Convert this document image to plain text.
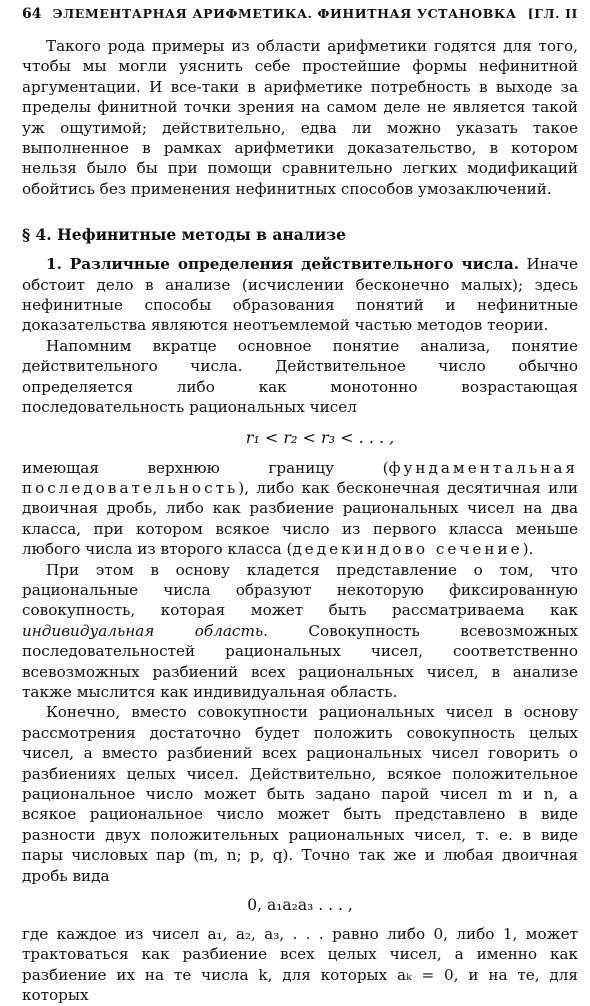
64 ЭЛЕМЕНТАРНАЯ АРИФМЕТИКА. ФИНИТНАЯ УСТАНОВКА [ГЛ. II

Такого рода примеры из области арифметики годятся для того, чтобы мы могли уяснить себе простейшие формы нефинитной аргументации. И все-таки в арифметике потребность в выходе за пределы финитной точки зрения на самом деле не является такой уж ощутимой; действительно, едва ли можно указать такое выполненное в рамках арифметики доказательство, в котором нельзя было бы при помощи сравнительно легких модификаций обойтись без применения нефинитных способов умозаключений.

§ 4. Нефинитные методы в анализе

1. Различные определения действительного числа. Иначе обстоит дело в анализе (исчислении бесконечно малых); здесь нефинитные способы образования понятий и нефинитные доказательства являются неотъемлемой частью методов теории.

Напомним вкратце основное понятие анализа, понятие действительного числа. Действительное число обычно определяется либо как монотонно возрастающая последовательность рациональных чисел

r₁ < r₂ < r₃ < . . . ,

имеющая верхнюю границу (фундаментальная последовательность), либо как бесконечная десятичная или двоичная дробь, либо как разбиение рациональных чисел на два класса, при котором всякое число из первого класса меньше любого числа из второго класса (дедекиндово сечение).

При этом в основу кладется представление о том, что рациональные числа образуют некоторую фиксированную совокупность, которая может быть рассматриваема как индивидуальная область. Совокупность всевозможных последовательностей рациональных чисел, соответственно всевозможных разбиений всех рациональных чисел, в анализе также мыслится как индивидуальная область.

Конечно, вместо совокупности рациональных чисел в основу рассмотрения достаточно будет положить совокупность целых чисел, а вместо разбиений всех рациональных чисел говорить о разбиениях целых чисел. Действительно, всякое положительное рациональное число может быть задано парой чисел m и n, а всякое рациональное число может быть представлено в виде разности двух положительных рациональных чисел, т. е. в виде пары числовых пар (m, n; p, q). Точно так же и любая двоичная дробь вида

0, a₁a₂a₃ . . . ,

где каждое из чисел a₁, a₂, a₃, . . . равно либо 0, либо 1, может трактоваться как разбиение всех целых чисел, а именно как разбиение их на те числа k, для которых aₖ = 0, и на те, для которых
